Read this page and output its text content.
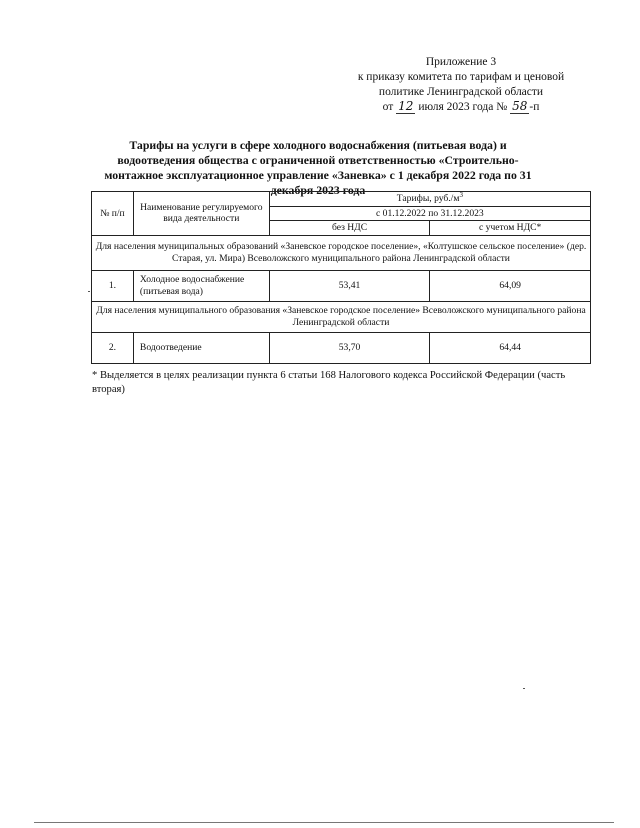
Приложение 3
к приказу комитета по тарифам и ценовой
политике Ленинградской области
от 12 июля 2023 года № 58 -п
Тарифы на услуги в сфере холодного водоснабжения (питьевая вода) и водоотведения общества с ограниченной ответственностью «Строительно-монтажное эксплуатационное управление «Заневка» с 1 декабря 2022 года по 31 декабря 2023 года
№ п/п	Наименование регулируемого вида деятельности	Тарифы, $руб./м^3$
		с 01.12.2022 по 31.12.2023	
		без НДС	с учетом НДС*
Для населения муниципальных образований «Заневское городское поселение», «Колтушское сельское поселение» (дер. Старая, ул. Мира) Всеволожского муниципального района Ленинградской области			
1.	Холодное водоснабжение (питьевая вода)	53,41	64,09
Для населения муниципального образования «Заневское городское поселение» Всеволожского муниципального района Ленинградской области			
2.	Водоотведение	53,70	64,44
* Выделяется в целях реализации пункта 6 статьи 168 Налогового кодекса Российской Федерации (часть вторая)
